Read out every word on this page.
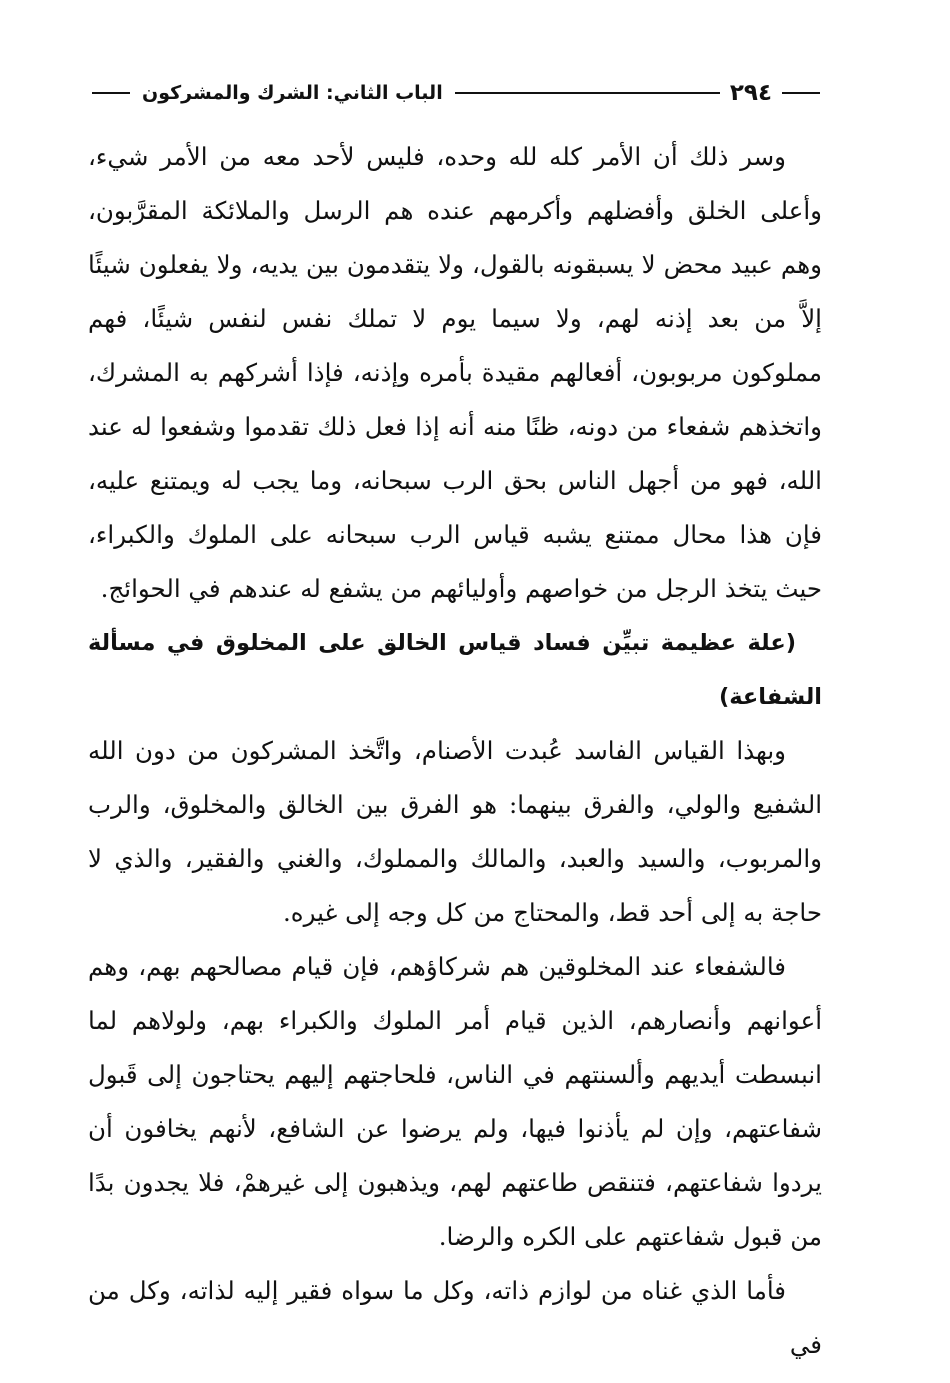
٢٩٤
الباب الثاني: الشرك والمشركون

وسر ذلك أن الأمر كله لله وحده، فليس لأحد معه من الأمر شيء، وأعلى الخلق وأفضلهم وأكرمهم عنده هم الرسل والملائكة المقرَّبون، وهم عبيد محض لا يسبقونه بالقول، ولا يتقدمون بين يديه، ولا يفعلون شيئًا إلاَّ من بعد إذنه لهم، ولا سيما يوم لا تملك نفس لنفس شيئًا، فهم مملوكون مربوبون، أفعالهم مقيدة بأمره وإذنه، فإذا أشركهم به المشرك، واتخذهم شفعاء من دونه، ظنًا منه أنه إذا فعل ذلك تقدموا وشفعوا له عند الله، فهو من أجهل الناس بحق الرب سبحانه، وما يجب له ويمتنع عليه، فإن هذا محال ممتنع يشبه قياس الرب سبحانه على الملوك والكبراء، حيث يتخذ الرجل من خواصهم وأوليائهم من يشفع له عندهم في الحوائج.

(علة عظيمة تبيِّن فساد قياس الخالق على المخلوق في مسألة الشفاعة)

وبهذا القياس الفاسد عُبدت الأصنام، واتَّخذ المشركون من دون الله الشفيع والولي، والفرق بينهما: هو الفرق بين الخالق والمخلوق، والرب والمربوب، والسيد والعبد، والمالك والمملوك، والغني والفقير، والذي لا حاجة به إلى أحد قط، والمحتاج من كل وجه إلى غيره.

فالشفعاء عند المخلوقين هم شركاؤهم، فإن قيام مصالحهم بهم، وهم أعوانهم وأنصارهم، الذين قيام أمر الملوك والكبراء بهم، ولولاهم لما انبسطت أيديهم وألسنتهم في الناس، فلحاجتهم إليهم يحتاجون إلى قَبول شفاعتهم، وإن لم يأذنوا فيها، ولم يرضوا عن الشافع، لأنهم يخافون أن يردوا شفاعتهم، فتنقص طاعتهم لهم، ويذهبون إلى غيرهمْ، فلا يجدون بدًا من قبول شفاعتهم على الكره والرضا.

فأما الذي غناه من لوازم ذاته، وكل ما سواه فقير إليه لذاته، وكل من في
